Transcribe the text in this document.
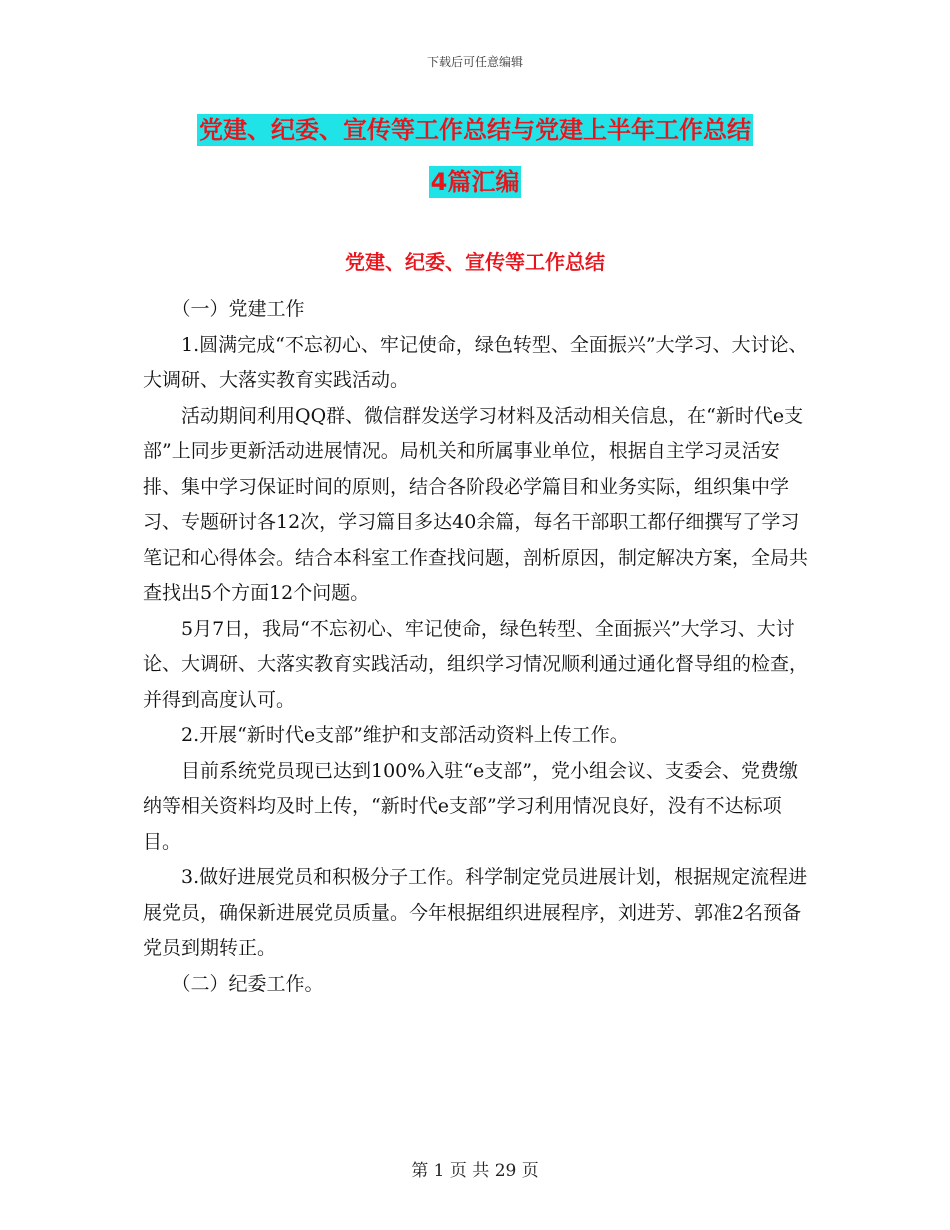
下载后可任意编辑
党建、纪委、宣传等工作总结与党建上半年工作总结
4篇汇编
党建、纪委、宣传等工作总结

（一）党建工作

1.圆满完成“不忘初心、牢记使命，绿色转型、全面振兴”大学习、大讨论、大调研、大落实教育实践活动。

活动期间利用QQ群、微信群发送学习材料及活动相关信息，在“新时代e支部”上同步更新活动进展情况。局机关和所属事业单位，根据自主学习灵活安排、集中学习保证时间的原则，结合各阶段必学篇目和业务实际，组织集中学习、专题研讨各12次，学习篇目多达40余篇，每名干部职工都仔细撰写了学习笔记和心得体会。结合本科室工作查找问题，剖析原因，制定解决方案，全局共查找出5个方面12个问题。

5月7日，我局“不忘初心、牢记使命，绿色转型、全面振兴”大学习、大讨论、大调研、大落实教育实践活动，组织学习情况顺利通过通化督导组的检查，并得到高度认可。

2.开展“新时代e支部”维护和支部活动资料上传工作。

目前系统党员现已达到100%入驻“e支部”，党小组会议、支委会、党费缴纳等相关资料均及时上传，“新时代e支部”学习利用情况良好，没有不达标项目。

3.做好进展党员和积极分子工作。科学制定党员进展计划，根据规定流程进展党员，确保新进展党员质量。今年根据组织进展程序，刘进芳、郭准2名预备党员到期转正。

（二）纪委工作。

第 1 页 共 29 页
